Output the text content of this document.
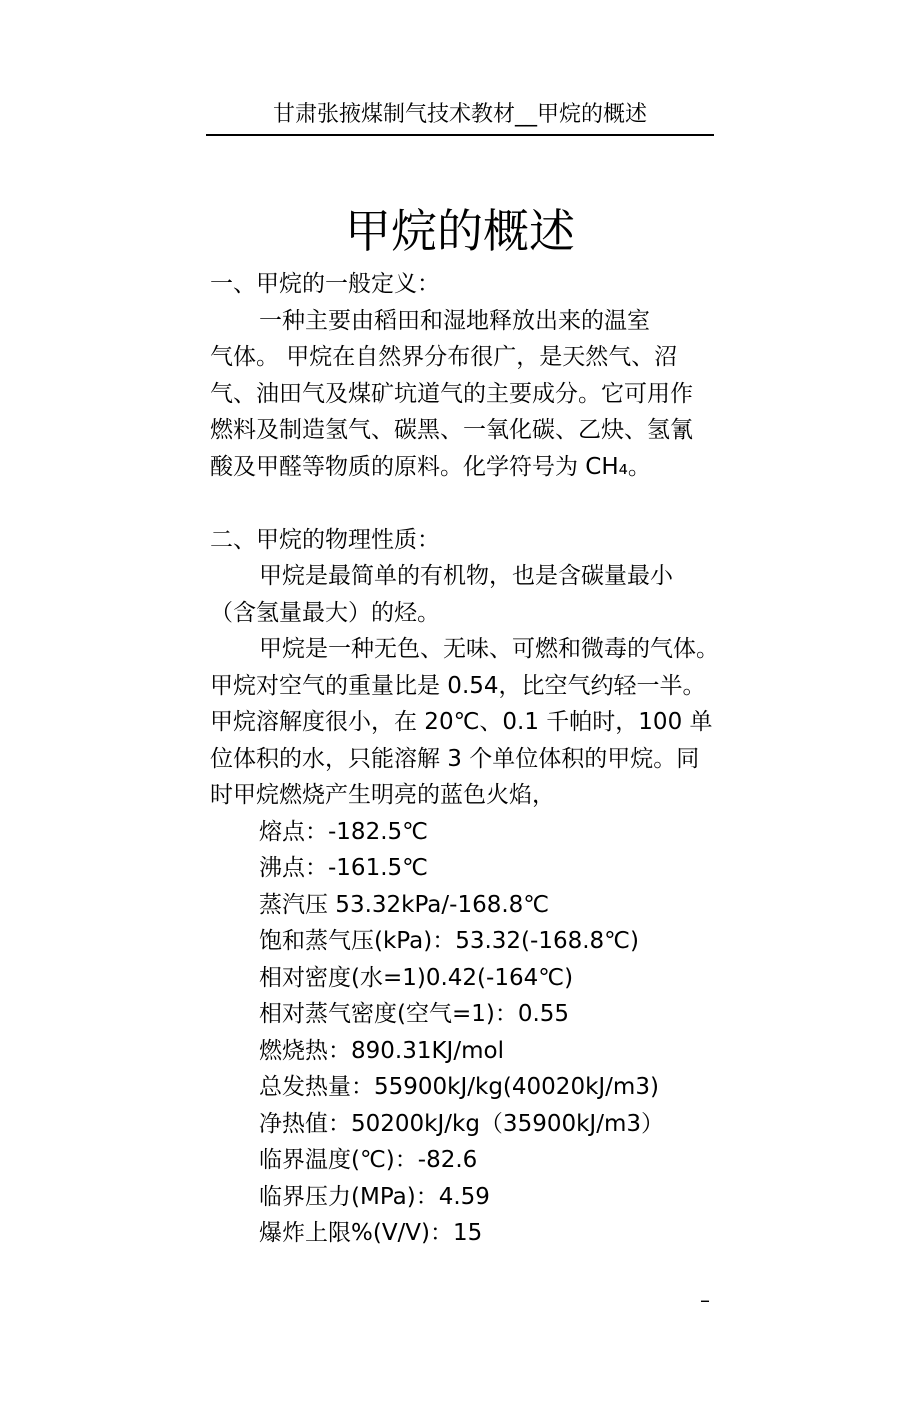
甘肃张掖煤制气技术教材__甲烷的概述
甲烷的概述
一、甲烷的一般定义：
一种主要由稻田和湿地释放出来的温室
气体。 甲烷在自然界分布很广，是天然气、沼
气、油田气及煤矿坑道气的主要成分。它可用作
燃料及制造氢气、碳黑、一氧化碳、乙炔、氢氰
酸及甲醛等物质的原料。化学符号为 CH₄。
二、甲烷的物理性质：
甲烷是最简单的有机物，也是含碳量最小
（含氢量最大）的烃。
甲烷是一种无色、无味、可燃和微毒的气体。
甲烷对空气的重量比是 0.54，比空气约轻一半。
甲烷溶解度很小，在 20℃、0.1 千帕时，100 单
位体积的水，只能溶解 3 个单位体积的甲烷。同
时甲烷燃烧产生明亮的蓝色火焰，
熔点：-182.5℃
沸点：-161.5℃
蒸汽压 53.32kPa/-168.8℃
饱和蒸气压(kPa)：53.32(-168.8℃)
相对密度(水=1)0.42(-164℃)
相对蒸气密度(空气=1)：0.55
燃烧热：890.31KJ/mol
总发热量：55900kJ/kg(40020kJ/m3)
净热值：50200kJ/kg（35900kJ/m3）
临界温度(℃)：-82.6
临界压力(MPa)：4.59
爆炸上限%(V/V)：15
–
